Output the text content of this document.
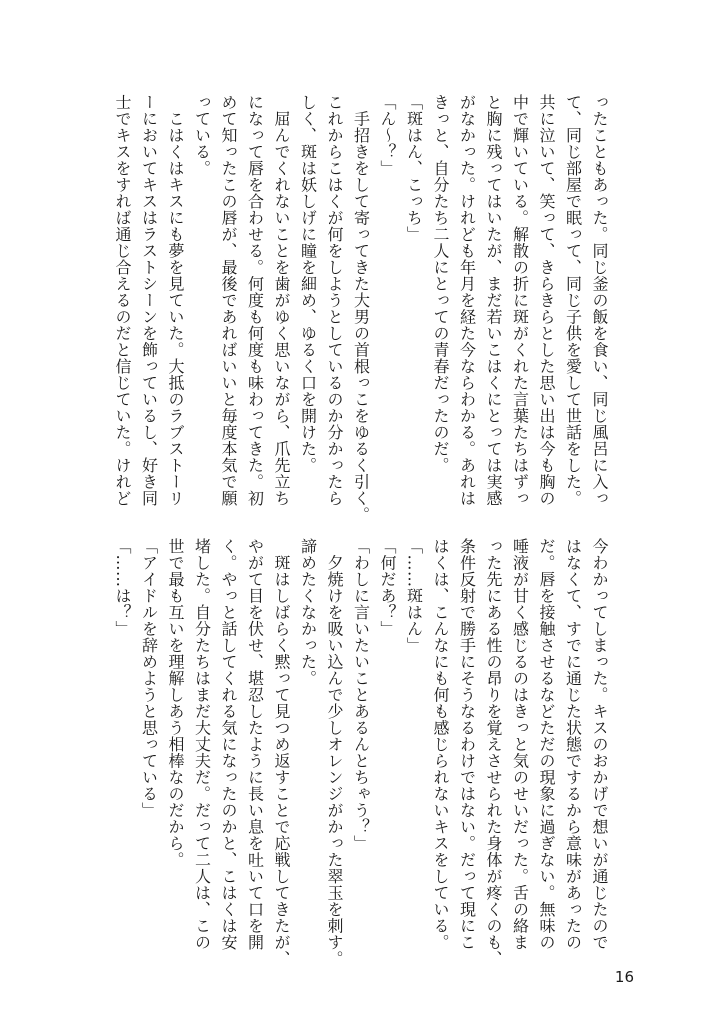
ったこともあった。同じ釜の飯を食い、同じ風呂に入っ

て、同じ部屋で眠って、同じ子供を愛して世話をした。

共に泣いて、笑って、きらきらとした思い出は今も胸の

中で輝いている。解散の折に斑がくれた言葉たちはずっ

と胸に残ってはいたが、まだ若いこはくにとっては実感

がなかった。けれども年月を経た今ならわかる。あれは

きっと、自分たち二人にとっての青春だったのだ。

「斑はん、こっち」

「ん〜？」

　手招きをして寄ってきた大男の首根っこをゆるく引く。

これからこはくが何をしようとしているのか分かったら

しく、斑は妖しげに瞳を細め、ゆるく口を開けた。

　屈んでくれないことを歯がゆく思いながら、爪先立ち

になって唇を合わせる。何度も何度も味わってきた。初

めて知ったこの唇が、最後であればいいと毎度本気で願

っている。

　こはくはキスにも夢を見ていた。大抵のラブストーリ

ーにおいてキスはラストシーンを飾っているし、好き同

士でキスをすれば通じ合えるのだと信じていた。けれど

今わかってしまった。キスのおかげで想いが通じたので

はなくて、すでに通じた状態でするから意味があったの

だ。唇を接触させるなどただの現象に過ぎない。無味の

唾液が甘く感じるのはきっと気のせいだった。舌の絡ま

った先にある性の昂りを覚えさせられた身体が疼くのも、

条件反射で勝手にそうなるわけではない。だって現にこ

はくは、こんなにも何も感じられないキスをしている。

「……斑はん」

「何だあ？」

「わしに言いたいことあるんとちゃう？」

　夕焼けを吸い込んで少しオレンジがかった翠玉を刺す。

諦めたくなかった。

　斑はしばらく黙って見つめ返すことで応戦してきたが、

やがて目を伏せ、堪忍したように長い息を吐いて口を開

く。やっと話してくれる気になったのかと、こはくは安

堵した。自分たちはまだ大丈夫だ。だって二人は、この

世で最も互いを理解しあう相棒なのだから。

「アイドルを辞めようと思っている」

「……は？」

16
